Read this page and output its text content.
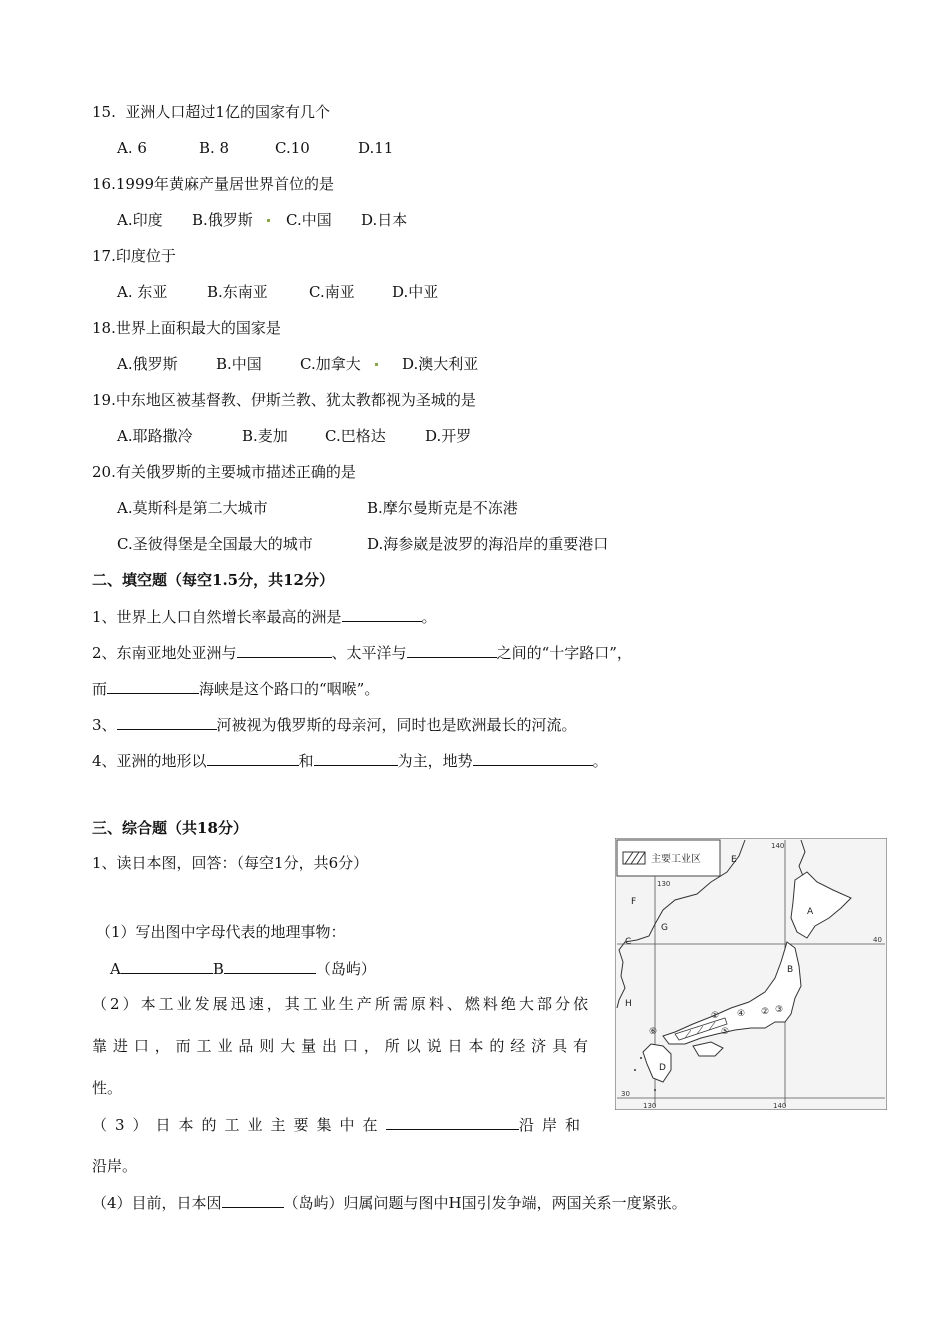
15. 亚洲人口超过1亿的国家有几个
A. 6	B. 8	C.10	D.11
16.1999年黄麻产量居世界首位的是
A.印度 B.俄罗斯 C.中国 D.日本
17.印度位于
A. 东亚	B.东南亚	C.南亚 D.中亚
18.世界上面积最大的国家是
A.俄罗斯	B.中国	C.加拿大	D.澳大利亚
19.中东地区被基督教、伊斯兰教、犹太教都视为圣城的是
A.耶路撒冷	B.麦加 C.巴格达	D.开罗
20.有关俄罗斯的主要城市描述正确的是
A.莫斯科是第二大城市	B.摩尔曼斯克是不冻港
C.圣彼得堡是全国最大的城市	D.海参崴是波罗的海沿岸的重要港口
二、填空题（每空1.5分，共12分）
1、世界上人口自然增长率最高的洲是	。
2、东南亚地处亚洲与	、太平洋与	之间的“十字路口”，
而	海峡是这个路口的“咽喉”。
3、	河被视为俄罗斯的母亲河，同时也是欧洲最长的河流。
4、亚洲的地形以	和	为主，地势	。
三、综合题（共18分）
1、读日本图，回答：（每空1分，共6分）
（1）写出图中字母代表的地理事物：
A	B	（岛屿）
（2）本工业发展迅速，其工业生产所需原料、燃料绝大部分依
靠进口，而工业品则大量出口，所以说日本的经济具有
性。
（3）日本的工业主要集中在	沿岸和
沿岸。
（4）目前，日本因	（岛屿）归属问题与图中H国引发争端，两国关系一度紧张。
主要工业区
130
140
40
30
130	140
①	② ③
④
⑤
⑥
A
B
C
D
E
F
G
H
